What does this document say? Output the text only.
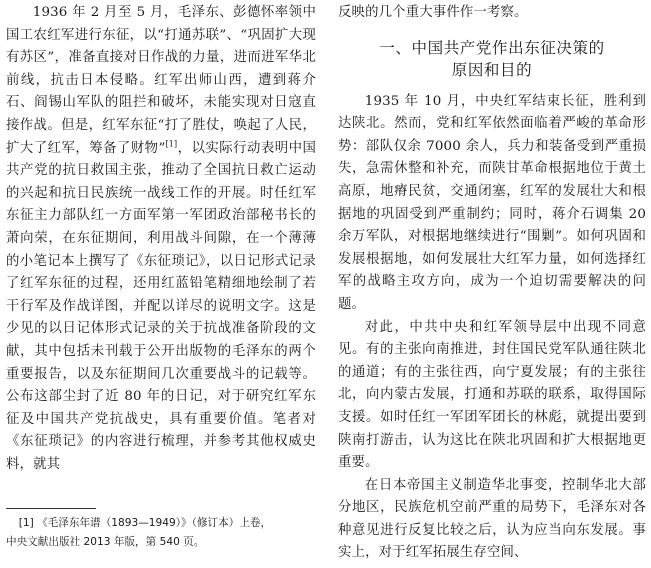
1936 年 2 月至 5 月，毛泽东、彭德怀率领中国工农红军进行东征，以“打通苏联”、“巩固扩大现有苏区”，准备直接对日作战的力量，进而进军华北前线，抗击日本侵略。红军出师山西，遭到蒋介石、阎锡山军队的阻拦和破坏，未能实现对日寇直接作战。但是，红军东征“打了胜仗，唤起了人民，扩大了红军，筹备了财物”[1]，以实际行动表明中国共产党的抗日救国主张，推动了全国抗日救亡运动的兴起和抗日民族统一战线工作的开展。时任红军东征主力部队红一方面军第一军团政治部秘书长的萧向荣，在东征期间，利用战斗间隙，在一个薄薄的小笔记本上撰写了《东征琐记》，以日记形式记录了红军东征的过程，还用红蓝铅笔精细地绘制了若干行军及作战详图，并配以详尽的说明文字。这是少见的以日记体形式记录的关于抗战准备阶段的文献，其中包括未刊载于公开出版物的毛泽东的两个重要报告，以及东征期间几次重要战斗的记载等。公布这部尘封了近 80 年的日记，对于研究红军东征及中国共产党抗战史，具有重要价值。笔者对《东征琐记》的内容进行梳理，并参考其他权威史料，就其

反映的几个重大事件作一考察。

一、中国共产党作出东征决策的
原因和目的

1935 年 10 月，中央红军结束长征，胜利到达陕北。然而，党和红军依然面临着严峻的革命形势：部队仅余 7000 余人，兵力和装备受到严重损失，急需休整和补充，而陕甘革命根据地位于黄土高原，地瘠民贫，交通闭塞，红军的发展壮大和根据地的巩固受到严重制约；同时，蒋介石调集 20 余万军队，对根据地继续进行“围剿”。如何巩固和发展根据地，如何发展壮大红军力量，如何选择红军的战略主攻方向，成为一个迫切需要解决的问题。

对此，中共中央和红军领导层中出现不同意见。有的主张向南推进，封住国民党军队通往陕北的通道；有的主张往西，向宁夏发展；有的主张往北，向内蒙古发展，打通和苏联的联系，取得国际支援。如时任红一军团军团长的林彪，就提出要到陕南打游击，认为这比在陕北巩固和扩大根据地更重要。

在日本帝国主义制造华北事变，控制华北大部分地区，民族危机空前严重的局势下，毛泽东对各种意见进行反复比较之后，认为应当向东发展。事实上，对于红军拓展生存空间、

[1] 《毛泽东年谱（1893—1949）》（修订本）上卷，
中央文献出版社 2013 年版，第 540 页。
